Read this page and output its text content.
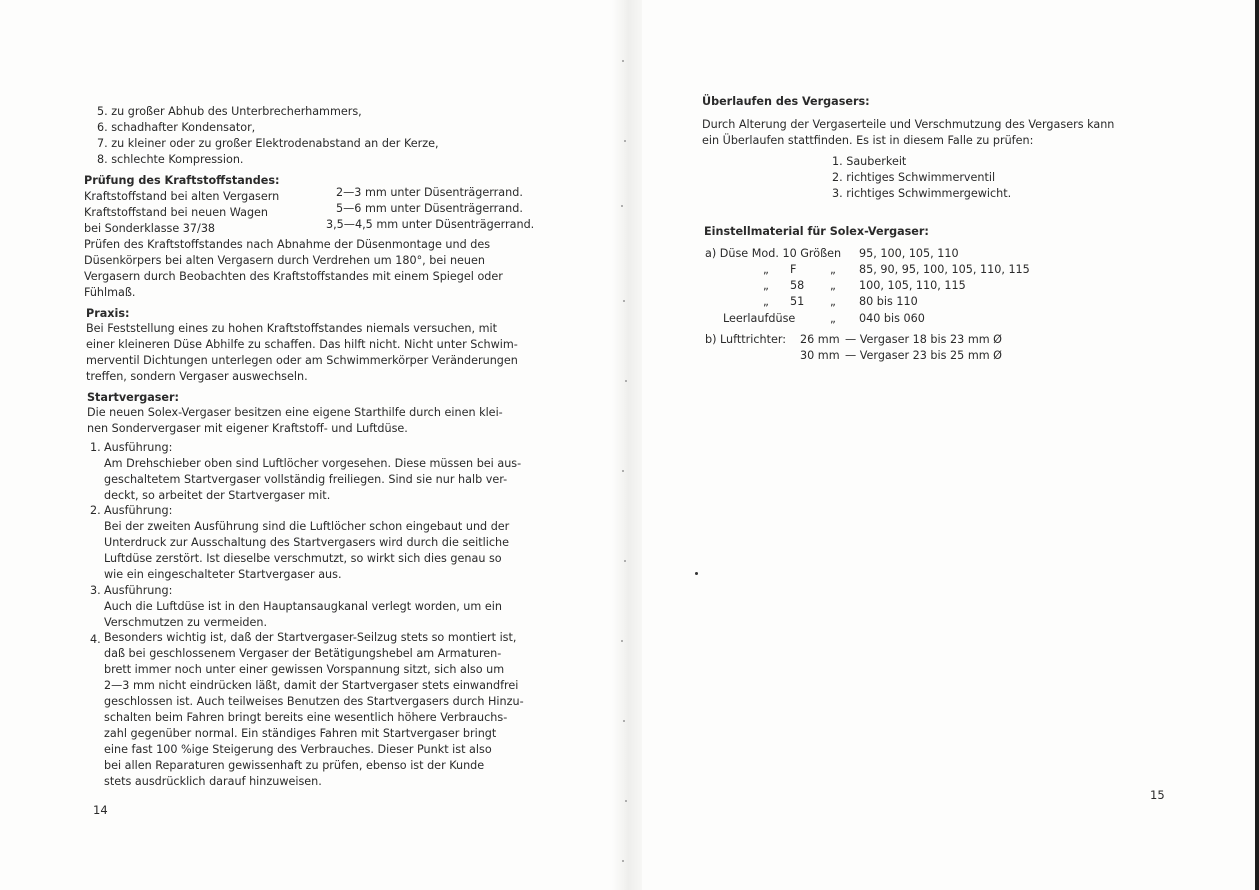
5. zu großer Abhub des Unterbrecherhammers,
6. schadhafter Kondensator,
7. zu kleiner oder zu großer Elektrodenabstand an der Kerze,
8. schlechte Kompression.
Prüfung des Kraftstoffstandes:
Kraftstoffstand bei alten Vergasern	2—3 mm unter Düsenträgerrand.
Kraftstoffstand bei neuen Wagen	5—6 mm unter Düsenträgerrand.
bei Sonderklasse 37/38	3,5—4,5 mm unter Düsenträgerrand.
Prüfen des Kraftstoffstandes nach Abnahme der Düsenmontage und des
Düsenkörpers bei alten Vergasern durch Verdrehen um 180°, bei neuen
Vergasern durch Beobachten des Kraftstoffstandes mit einem Spiegel oder
Fühlmaß.
Praxis:
Bei Feststellung eines zu hohen Kraftstoffstandes niemals versuchen, mit
einer kleineren Düse Abhilfe zu schaffen. Das hilft nicht. Nicht unter Schwim-
merventil Dichtungen unterlegen oder am Schwimmerkörper Veränderungen
treffen, sondern Vergaser auswechseln.
Startvergaser:
Die neuen Solex-Vergaser besitzen eine eigene Starthilfe durch einen klei-
nen Sondervergaser mit eigener Kraftstoff- und Luftdüse.
1. Ausführung:
Am Drehschieber oben sind Luftlöcher vorgesehen. Diese müssen bei aus-
geschaltetem Startvergaser vollständig freiliegen. Sind sie nur halb ver-
deckt, so arbeitet der Startvergaser mit.
2. Ausführung:
Bei der zweiten Ausführung sind die Luftlöcher schon eingebaut und der
Unterdruck zur Ausschaltung des Startvergasers wird durch die seitliche
Luftdüse zerstört. Ist dieselbe verschmutzt, so wirkt sich dies genau so
wie ein eingeschalteter Startvergaser aus.
3. Ausführung:
Auch die Luftdüse ist in den Hauptansaugkanal verlegt worden, um ein
Verschmutzen zu vermeiden.
4. Besonders wichtig ist, daß der Startvergaser-Seilzug stets so montiert ist,
daß bei geschlossenem Vergaser der Betätigungshebel am Armaturen-
brett immer noch unter einer gewissen Vorspannung sitzt, sich also um
2—3 mm nicht eindrücken läßt, damit der Startvergaser stets einwandfrei
geschlossen ist. Auch teilweises Benutzen des Startvergasers durch Hinzu-
schalten beim Fahren bringt bereits eine wesentlich höhere Verbrauchs-
zahl gegenüber normal. Ein ständiges Fahren mit Startvergaser bringt
eine fast 100 %ige Steigerung des Verbrauches. Dieser Punkt ist also
bei allen Reparaturen gewissenhaft zu prüfen, ebenso ist der Kunde
stets ausdrücklich darauf hinzuweisen.
14
Überlaufen des Vergasers:
Durch Alterung der Vergaserteile und Verschmutzung des Vergasers kann
ein Überlaufen stattfinden. Es ist in diesem Falle zu prüfen:
1. Sauberkeit
2. richtiges Schwimmerventil
3. richtiges Schwimmergewicht.
Einstellmaterial für Solex-Vergaser:
a) Düse Mod. 10 Größen 95, 100, 105, 110
„ F	„ 85, 90, 95, 100, 105, 110, 115
„ 58 „ 100, 105, 110, 115
„ 51 „ 80 bis 110
Leerlaufdüse	„ 040 bis 060
b) Lufttrichter: 26 mm — Vergaser 18 bis 23 mm Ø
30 mm — Vergaser 23 bis 25 mm Ø
15
